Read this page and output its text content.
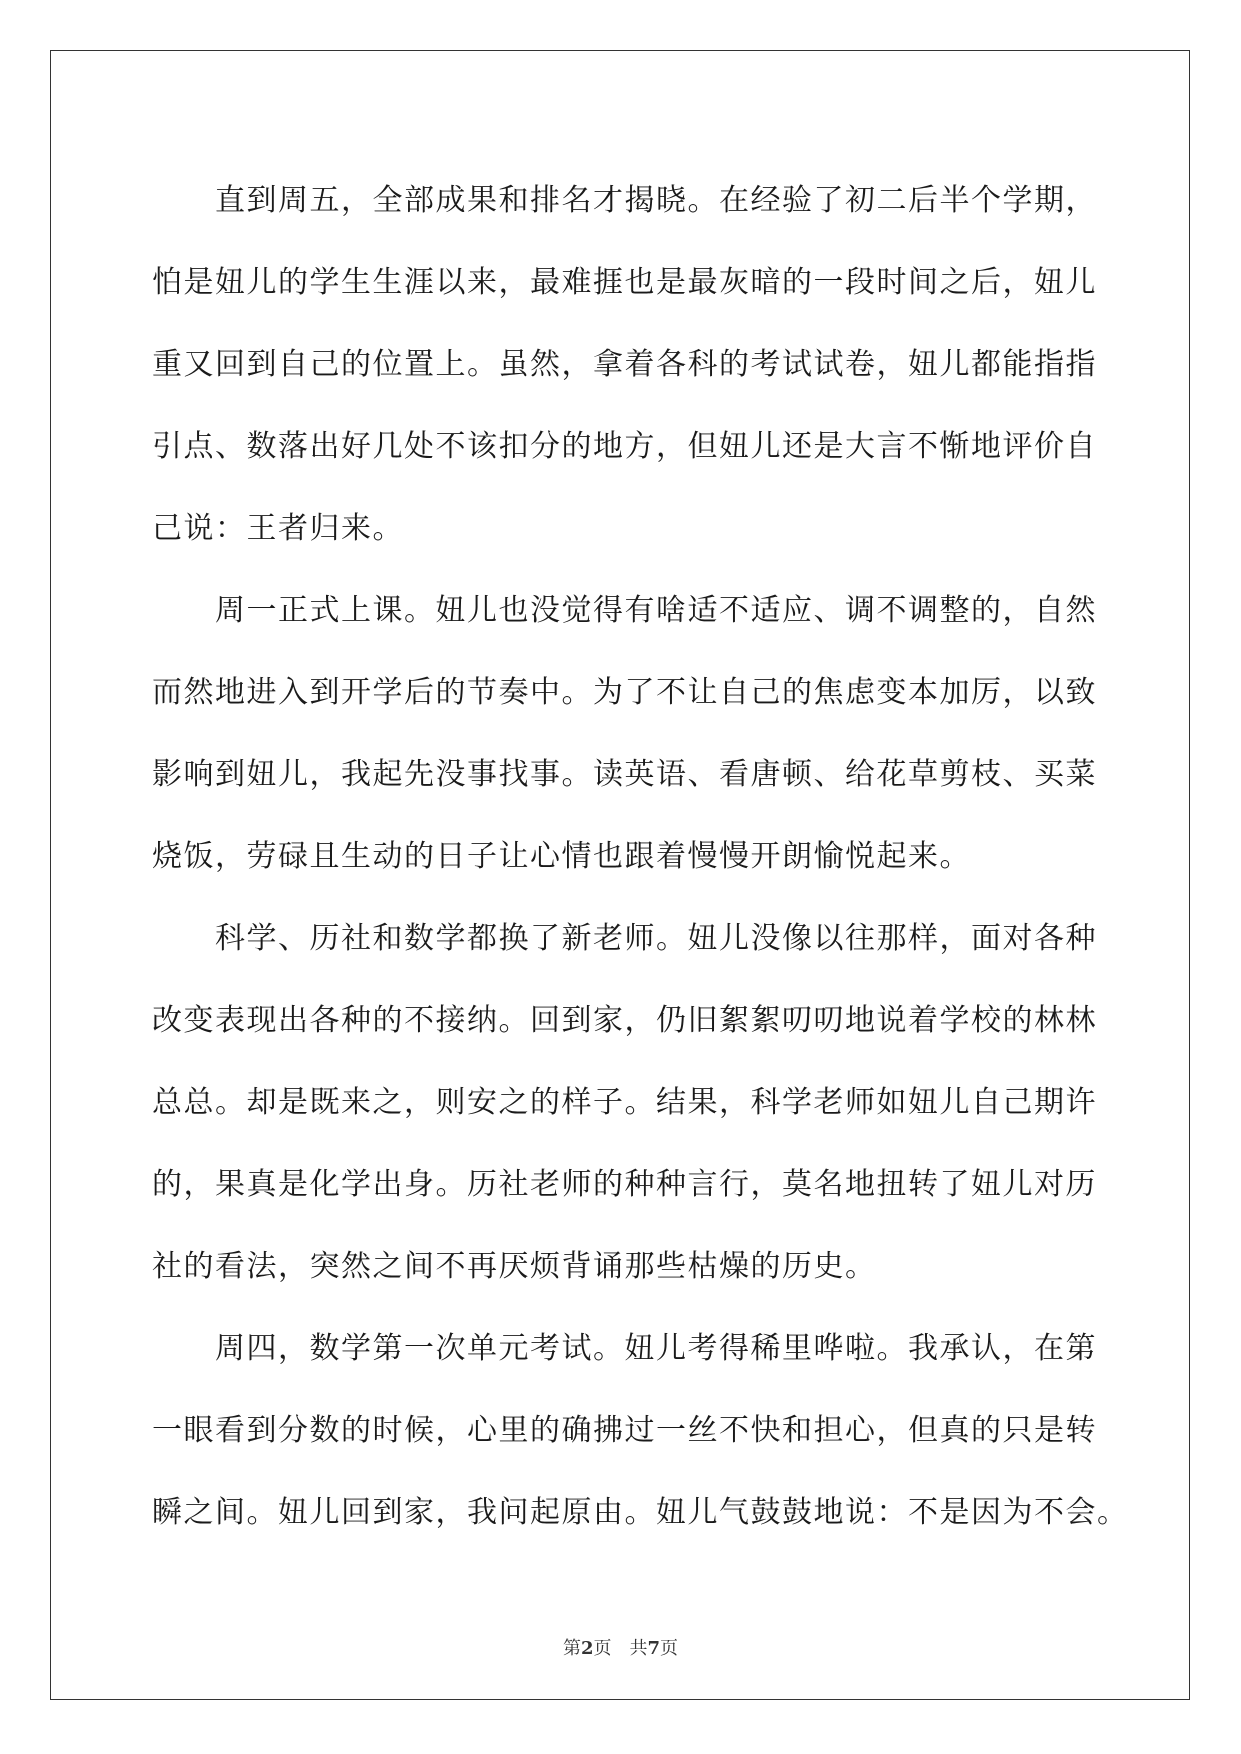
　　直到周五，全部成果和排名才揭晓。在经验了初二后半个学期，
怕是妞儿的学生生涯以来，最难捱也是最灰暗的一段时间之后，妞儿
重又回到自己的位置上。虽然，拿着各科的考试试卷，妞儿都能指指
引点、数落出好几处不该扣分的地方，但妞儿还是大言不惭地评价自
己说：王者归来。
　　周一正式上课。妞儿也没觉得有啥适不适应、调不调整的，自然
而然地进入到开学后的节奏中。为了不让自己的焦虑变本加厉，以致
影响到妞儿，我起先没事找事。读英语、看唐顿、给花草剪枝、买菜
烧饭，劳碌且生动的日子让心情也跟着慢慢开朗愉悦起来。
　　科学、历社和数学都换了新老师。妞儿没像以往那样，面对各种
改变表现出各种的不接纳。回到家，仍旧絮絮叨叨地说着学校的林林
总总。却是既来之，则安之的样子。结果，科学老师如妞儿自己期许
的，果真是化学出身。历社老师的种种言行，莫名地扭转了妞儿对历
社的看法，突然之间不再厌烦背诵那些枯燥的历史。
　　周四，数学第一次单元考试。妞儿考得稀里哗啦。我承认，在第
一眼看到分数的时候，心里的确拂过一丝不快和担心，但真的只是转
瞬之间。妞儿回到家，我问起原由。妞儿气鼓鼓地说：不是因为不会。
第2页　共7页
